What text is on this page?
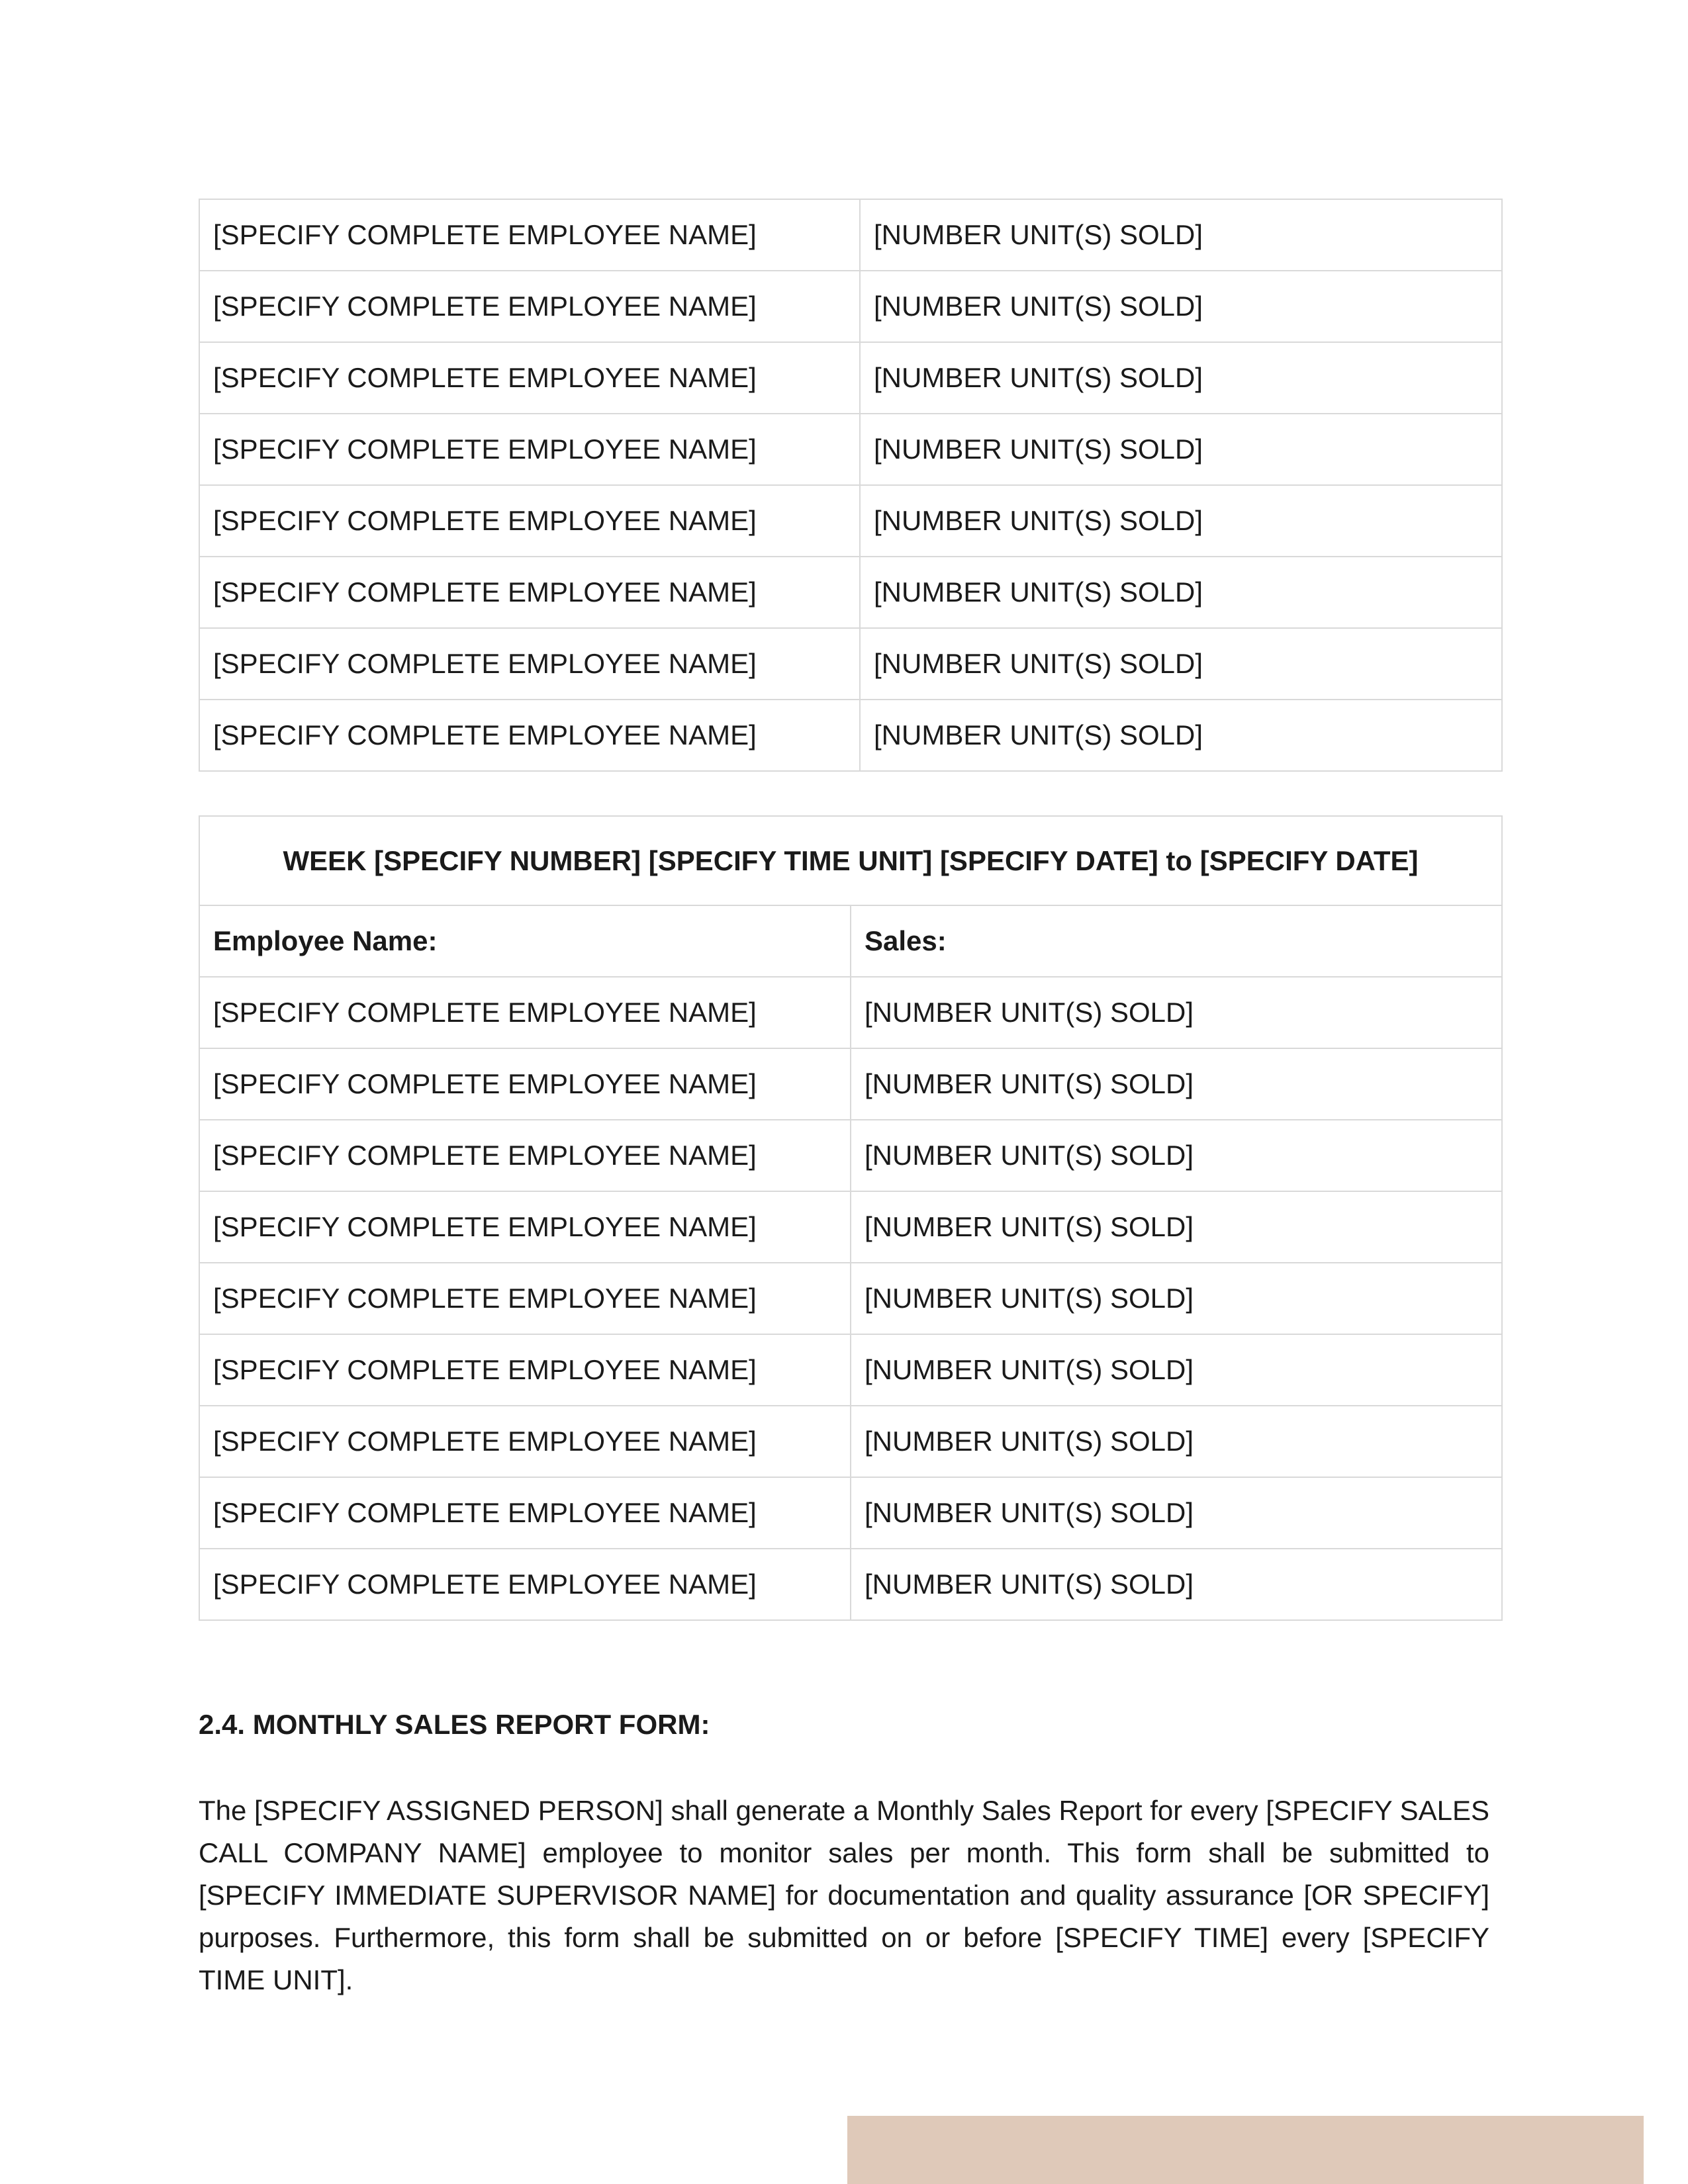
[SPECIFY COMPLETE EMPLOYEE NAME]	[NUMBER UNIT(S) SOLD]
[SPECIFY COMPLETE EMPLOYEE NAME]	[NUMBER UNIT(S) SOLD]
[SPECIFY COMPLETE EMPLOYEE NAME]	[NUMBER UNIT(S) SOLD]
[SPECIFY COMPLETE EMPLOYEE NAME]	[NUMBER UNIT(S) SOLD]
[SPECIFY COMPLETE EMPLOYEE NAME]	[NUMBER UNIT(S) SOLD]
[SPECIFY COMPLETE EMPLOYEE NAME]	[NUMBER UNIT(S) SOLD]
[SPECIFY COMPLETE EMPLOYEE NAME]	[NUMBER UNIT(S) SOLD]
[SPECIFY COMPLETE EMPLOYEE NAME]	[NUMBER UNIT(S) SOLD]
WEEK [SPECIFY NUMBER] [SPECIFY TIME UNIT] [SPECIFY DATE] to [SPECIFY DATE]	
Employee Name:	Sales:
[SPECIFY COMPLETE EMPLOYEE NAME]	[NUMBER UNIT(S) SOLD]
[SPECIFY COMPLETE EMPLOYEE NAME]	[NUMBER UNIT(S) SOLD]
[SPECIFY COMPLETE EMPLOYEE NAME]	[NUMBER UNIT(S) SOLD]
[SPECIFY COMPLETE EMPLOYEE NAME]	[NUMBER UNIT(S) SOLD]
[SPECIFY COMPLETE EMPLOYEE NAME]	[NUMBER UNIT(S) SOLD]
[SPECIFY COMPLETE EMPLOYEE NAME]	[NUMBER UNIT(S) SOLD]
[SPECIFY COMPLETE EMPLOYEE NAME]	[NUMBER UNIT(S) SOLD]
[SPECIFY COMPLETE EMPLOYEE NAME]	[NUMBER UNIT(S) SOLD]
[SPECIFY COMPLETE EMPLOYEE NAME]	[NUMBER UNIT(S) SOLD]
2.4. MONTHLY SALES REPORT FORM:

The [SPECIFY ASSIGNED PERSON] shall generate a Monthly Sales Report for every [SPECIFY SALES CALL COMPANY NAME] employee to monitor sales per month. This form shall be submitted to [SPECIFY IMMEDIATE SUPERVISOR NAME] for documentation and quality assurance [OR SPECIFY] purposes. Furthermore, this form shall be submitted on or before [SPECIFY TIME] every [SPECIFY TIME UNIT].
